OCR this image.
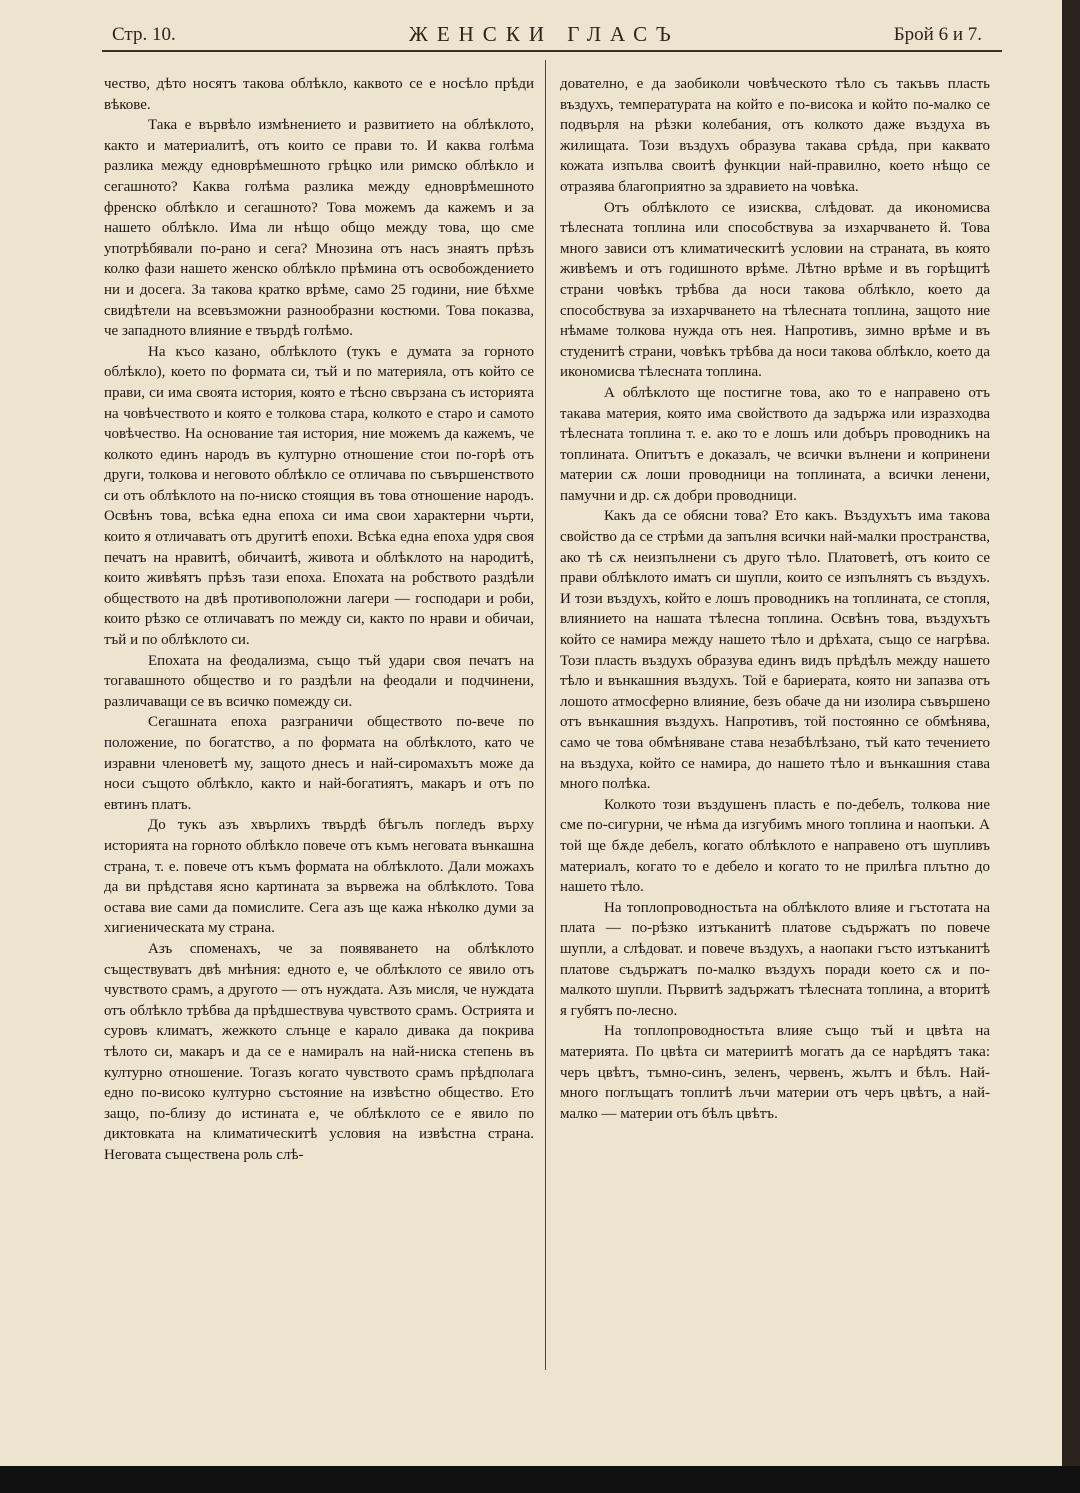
Стр. 10.	ЖЕНСКИ ГЛАСЪ	Брой 6 и 7.

чество, дѣто носятъ такова облѣкло, каквото се е носѣло прѣди вѣкове.

Така е вървѣло измѣнението и развитието на облѣклото, както и материалитѣ, отъ които се прави то. И каква голѣма разлика между едноврѣмешното грѣцко или римско облѣкло и сегашното? Каква голѣма разлика между едноврѣмешното френско облѣкло и сегашното? Това можемъ да кажемъ и за нашето облѣкло. Има ли нѣщо общо между това, що сме употрѣбявали по-рано и сега? Мнозина отъ насъ знаятъ прѣзъ колко фази нашето женско облѣкло прѣмина отъ освобождението ни и досега. За такова кратко врѣме, само 25 години, ние бѣхме свидѣтели на всевъзможни разнообразни костюми. Това показва, че западното влияние е твърдѣ голѣмо.

На късо казано, облѣклото (тукъ е думата за горното облѣкло), което по формата си, тъй и по материяла, отъ който се прави, си има своята история, която е тѣсно свързана съ историята на човѣчеството и която е толкова стара, колкото е старо и самото човѣчество. На основание тая история, ние можемъ да кажемъ, че колкото единъ народъ въ културно отношение стои по-горѣ отъ други, толкова и неговото облѣкло се отличава по съвършенството си отъ облѣклото на по-ниско стоящия въ това отношение народъ. Освѣнъ това, всѣка една епоха си има свои характерни чърти, които я отличаватъ отъ другитѣ епохи. Всѣка една епоха удря своя печатъ на нравитѣ, обичаитѣ, живота и облѣклото на народитѣ, които живѣятъ прѣзъ тази епоха. Епохата на робството раздѣли обществото на двѣ противоположни лагери — господари и роби, които рѣзко се отличаватъ по между си, както по нрави и обичаи, тъй и по облѣклото си.

Епохата на феодализма, също тъй удари своя печатъ на тогавашното общество и го раздѣли на феодали и подчинени, различаващи се въ всичко помежду си.

Сегашната епоха разграничи обществото по-вече по положение, по богатство, а по формата на облѣклото, като че изравни членоветѣ му, защото днесъ и най-сиромахътъ може да носи същото облѣкло, както и най-богатиятъ, макаръ и отъ по евтинъ платъ.

До тукъ азъ хвърлихъ твърдѣ бѣгълъ погледъ върху историята на горното облѣкло повече отъ къмъ неговата вънкашна страна, т. е. повече отъ къмъ формата на облѣклото. Дали можахъ да ви прѣдставя ясно картината за вървежа на облѣклото. Това остава вие сами да помислите. Сега азъ ще кажа нѣколко думи за хигиеническата му страна.

Азъ споменахъ, че за появяването на облѣклото съществуватъ двѣ мнѣния: едното е, че облѣклото се явило отъ чувството срамъ, а другото — отъ нуждата. Азъ мисля, че нуждата отъ облѣкло трѣбва да прѣдшествува чувството срамъ. Острията и суровъ климатъ, жежкото слънце е карало дивака да покрива тѣлото си, макаръ и да се е намиралъ на най-ниска степень въ културно отношение. Тогазъ когато чувството срамъ прѣдполага едно по-високо културно състояние на извѣстно общество. Ето защо, по-близу до истината е, че облѣклото се е явило по диктовката на климатическитѣ условия на извѣстна страна. Неговата съществена роль слѣ-

дователно, е да заобиколи човѣческото тѣло съ такъвъ пласть въздухъ, температурата на който е по-висока и който по-малко се подвърля на рѣзки колебания, отъ колкото даже въздуха въ жилищата. Този въздухъ образува такава срѣда, при каквато кожата изпълва своитѣ функции най-правилно, което нѣщо се отразява благоприятно за здравието на човѣка.

Отъ облѣклото се изисква, слѣдоват. да икономисва тѣлесната топлина или способствува за изхарчването й. Това много зависи отъ климатическитѣ условии на страната, въ която живѣемъ и отъ годишното врѣме. Лѣтно врѣме и въ горѣщитѣ страни човѣкъ трѣбва да носи такова облѣкло, което да способствува за изхарчването на тѣлесната топлина, защото ние нѣмаме толкова нужда отъ нея. Напротивъ, зимно врѣме и въ студенитѣ страни, човѣкъ трѣбва да носи такова облѣкло, което да икономисва тѣлесната топлина.

А облѣклото ще постигне това, ако то е направено отъ такава материя, която има свойството да задържа или изразходва тѣлесната топлина т. е. ако то е лошъ или добъръ проводникъ на топлината. Опитътъ е доказалъ, че всички вълнени и копринени материи сѫ лоши проводници на топлината, а всички ленени, памучни и др. сѫ добри проводници.

Какъ да се обясни това? Ето какъ. Въздухътъ има такова свойство да се стрѣми да запълня всички най-малки пространства, ако тѣ сѫ неизпълнени съ друго тѣло. Платоветѣ, отъ които се прави облѣклото иматъ си шупли, които се изпълнятъ съ въздухъ. И този въздухъ, който е лошъ проводникъ на топлината, се стопля, влиянието на нашата тѣлесна топлина. Освѣнъ това, въздухътъ който се намира между нашето тѣло и дрѣхата, също се нагрѣва. Този пласть въздухъ образува единъ видъ прѣдѣлъ между нашето тѣло и вънкашния въздухъ. Той е бариерата, която ни запазва отъ лошото атмосферно влияние, безъ обаче да ни изолира съвършено отъ вънкашния въздухъ. Напротивъ, той постоянно се обмѣнява, само че това обмѣняване става незабѣлѣзано, тъй като течението на въздуха, който се намира, до нашето тѣло и вънкашния става много полѣка.

Колкото този въздушенъ пласть е по-дебелъ, толкова ние сме по-сигурни, че нѣма да изгубимъ много топлина и наопъки. А той ще бѫде дебелъ, когато облѣклото е направено отъ шупливъ материалъ, когато то е дебело и когато то не прилѣга плътно до нашето тѣло.

На топлопроводностьта на облѣклото влияе и гъстотата на плата — по-рѣзко изтъканитѣ платове съдържатъ по повече шупли, а слѣдоват. и повече въздухъ, а наопаки гъсто изтъканитѣ платове съдържатъ по-малко въздухъ поради което сѫ и по-малкото шупли. Първитѣ задържатъ тѣлесната топлина, а вторитѣ я губятъ по-лесно.

На топлопроводностьта влияе също тъй и цвѣта на материята. По цвѣта си материитѣ могатъ да се нарѣдятъ така: черъ цвѣтъ, тъмно-синъ, зеленъ, червенъ, жълтъ и бѣлъ. Най-много поглъщатъ топлитѣ лъчи материи отъ черъ цвѣтъ, а най-малко — материи отъ бѣлъ цвѣтъ.
